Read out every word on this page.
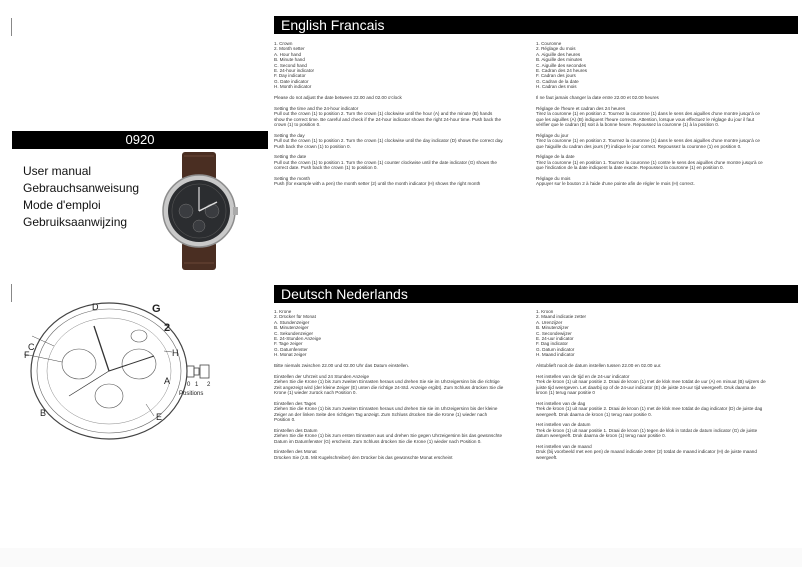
English Francais
Deutsch Nederlands
0920
User manual
Gebrauchsanweisung
Mode d'emploi
Gebruiksaanwijzing
C
F
B
D	G
2
H
A
E
0 1 2
Positions

1. Crown

2. Month setter

A. Hour hand

B. Minute hand

C. Second hand

E. 24-hour indicator

F. Day indicator

G. Date indicator

H. Month indicator

Please do not adjust the date between 22.00 and 02.00 o'clock

Setting the time and the 24-hour indicator

Pull out the crown (1) to position 2. Turn the crown (1) clockwise until the hour (A) and the minute (B) hands show the correct time. Be careful and check if the 24-hour indicator shows the right 24-hour time. Push back the crown (1) to position 0.

Setting the day

Pull out the crown (1) to position 2. Turn the crown (1) clockwise until the day indicator (D) shows the correct day. Push back the crown (1) to position 0.

Setting the date

Pull out the crown (1) to position 1. Turn the crown (1) counter clockwise until the date indicator (G) shows the correct date. Push back the crown (1) to position 0.

Setting the month

Push (for example with a pen) the month setter (2) until the month indicator (H) shows the right month

1. Couronne

2. Réglage du mois

A. Aiguille des heures

B. Aiguille des minutes

C. Aiguille des secondes

E. Cadran des 24 heures

F. Cadran des jours

G. Cadran de la date

H. Cadran des mois

Il ne faut jamais changer la date entre 22.00 et 02.00 heures

Réglage de l'heure et cadran des 24 heures

Tirez la couronne (1) en position 2. Tournez la couronne (1) dans le sens des aiguilles d'une montre jusqu'à ce que les aiguilles (A) (B) indiquent l'heure correcte. Attention, lorsque vous effectuez le réglage du jour il faut vérifier que le cadran (E) soit à la bonne heure. Repoussez la couronne (1) à la position 0.

Réglage du jour

Tirez la couronne (1) en position 2. Tournez la couronne (1) dans le sens des aiguilles d'une montre jusqu'à ce que l'aiguille du cadran des jours (F) indique le jour correct. Repoussez la couronne (1) en position 0.

Réglage de la date

Tirez la couronne (1) en position 1. Tournez la couronne (1) contre le sens des aiguilles d'une montre jusqu'à ce que l'indication de la date indiquent la date exacte. Repoussez la couronne (1) en position 0.

Réglage du mois

Appuyer sur le bouton 2 à l'aide d'une pointe afin de régler le mois (H) correct.

1. Krone

2. Drücker für Monat

A. Stundenzeiger

B. Minutenzeiger

C. Sekundenzeiger

E. 24-Stunden Anzeige

F. Tage zeiger

G. Datumfenster

H. Monat zeiger

Bitte niemals zwischen 22.00 und 02.00 Uhr das Datum einstellen.

Einstellen der Uhrzeit und 24 Stunden Anzeige

Ziehen Sie die Krone (1) bis zum zweiten Einrasten heraus und drehen Sie sie im Uhrzeigersinn bis die richtige Zeit angezeigt wird (der kleine Zeiger (E) unten die richtige 24-Std. Anzeige ergibt). Zum Schluss drücken Sie die Krone (1) wieder zurück nach Position 0.

Einstellen des Tages

Ziehen Sie die Krone (1) bis zum zweiten Einrasten heraus und drehen Sie sie im Uhrzeigersinn bis der kleine Zeiger an der linken Seite den richtigen Tag anzeigt. Zum Schluss drücken Sie die Krone (1) wieder nach Position 0.

Einstellen des Datum

Ziehen Sie die Krone (1) bis zum ersten Einrasten aus und drehen Sie gegen Uhrzeigersinn bis das gewünschte Datum im Datumfenster (G) erscheint. Zum Schluss drücken Sie die Krone (1) wieder nach Position 0.

Einstellen des Monat

Drücken Sie (z.B. Mit Kugelschreiber) den Drücker bis das gewünschte Monat erscheint

1. Kroon

2. Maand indicatie zetter

A. Urenzijzer

B. Minutenzijzer

C. Secondewijzer

E. 24-uur indicator

F. Dag indicator

G. Datum indicator

H. Maand indicator

Alstublieft nooit de datum instellen tussen 22.00 en 02.00 uur.

Het instellen van de tijd en de 24-uur indicator

Trek de kroon (1) uit naar positie 2. Draai de kroon (1) met de klok mee totdat de uur (A) en minuut (B) wijzers de juiste tijd weergeven. Let daarbij op of de 24-uur indicator (E) de juiste 24-uur tijd weergeeft. Druk daarna de kroon (1) terug naar positie 0

Het instellen van de dag

Trek de kroon (1) uit naar positie 2. Draai de kroon (1) met de klok mee totdat de dag indicator (D) de juiste dag weergeeft. Druk daarna de kroon (1) terug naar positie 0.

Het instellen van de datum

Trek de kroon (1) uit naar positie 1. Draai de kroon (1) tegen de klok in totdat de datum indicator (G) de juiste datum weergeeft. Druk daarna de kroon (1) terug naar positie 0.

Het instellen van de maand

Druk (bij voorbeeld met een pen) de maand indicatie zetter (2) totdat de maand indicator (H) de juiste maand weergeeft.
